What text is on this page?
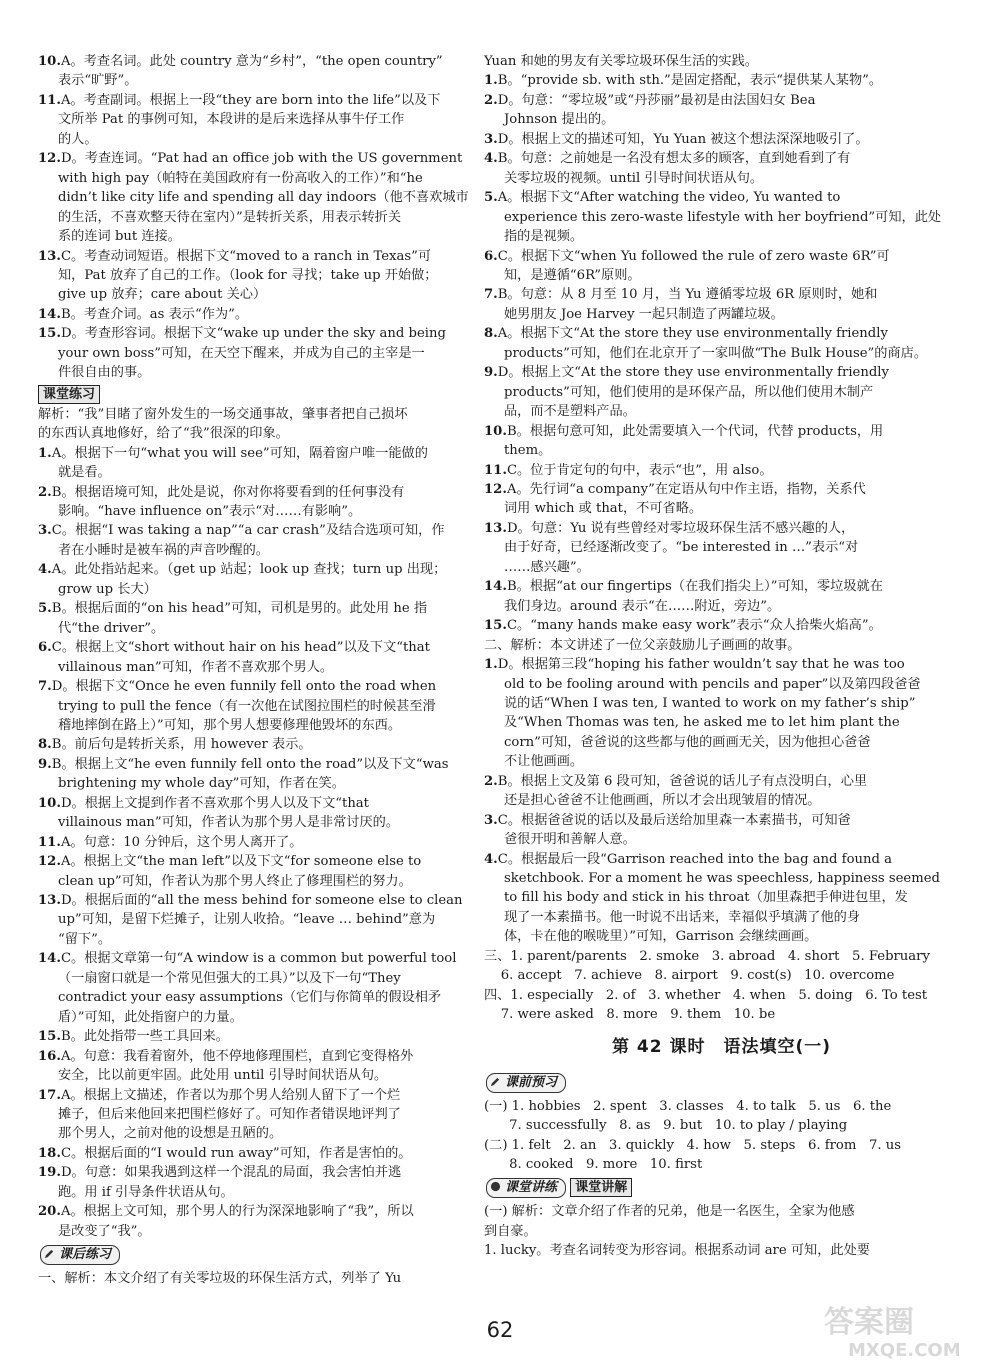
10.A。考查名词。此处 country 意为“乡村”，“the open country”

表示“旷野”。

11.A。考查副词。根据上一段“they are born into the life”以及下

文所举 Pat 的事例可知，本段讲的是后来选择从事牛仔工作

的人。

12.D。考查连词。“Pat had an office job with the US government

with high pay（帕特在美国政府有一份高收入的工作）”和“he

didn’t like city life and spending all day indoors（他不喜欢城市

的生活，不喜欢整天待在室内）”是转折关系，用表示转折关

系的连词 but 连接。

13.C。考查动词短语。根据下文“moved to a ranch in Texas”可

知，Pat 放弃了自己的工作。（look for 寻找；take up 开始做；

give up 放弃；care about 关心）

14.B。考查介词。as 表示“作为”。

15.D。考查形容词。根据下文“wake up under the sky and being

your own boss”可知，在天空下醒来，并成为自己的主宰是一

件很自由的事。

课堂练习

解析：“我”目睹了窗外发生的一场交通事故，肇事者把自己损坏

的东西认真地修好，给了“我”很深的印象。

1.A。根据下一句“what you will see”可知，隔着窗户唯一能做的

就是看。

2.B。根据语境可知，此处是说，你对你将要看到的任何事没有

影响。“have influence on”表示“对……有影响”。

3.C。根据“I was taking a nap”“a car crash”及结合选项可知，作

者在小睡时是被车祸的声音吵醒的。

4.A。此处指站起来。（get up 站起；look up 查找；turn up 出现；

grow up 长大）

5.B。根据后面的“on his head”可知，司机是男的。此处用 he 指

代“the driver”。

6.C。根据上文“short without hair on his head”以及下文“that

villainous man”可知，作者不喜欢那个男人。

7.D。根据下文“Once he even funnily fell onto the road when

trying to pull the fence（有一次他在试图拉围栏的时候甚至滑

稽地摔倒在路上）”可知，那个男人想要修理他毁坏的东西。

8.B。前后句是转折关系，用 however 表示。

9.B。根据上文“he even funnily fell onto the road”以及下文“was

brightening my whole day”可知，作者在笑。

10.D。根据上文提到作者不喜欢那个男人以及下文“that

villainous man”可知，作者认为那个男人是非常讨厌的。

11.A。句意：10 分钟后，这个男人离开了。

12.A。根据上文“the man left”以及下文“for someone else to

clean up”可知，作者认为那个男人终止了修理围栏的努力。

13.D。根据后面的“all the mess behind for someone else to clean

up”可知，是留下烂摊子，让别人收拾。“leave … behind”意为

“留下”。

14.C。根据文章第一句“A window is a common but powerful tool

（一扇窗口就是一个常见但强大的工具）”以及下一句“They

contradict your easy assumptions（它们与你简单的假设相矛

盾）”可知，此处指窗户的力量。

15.B。此处指带一些工具回来。

16.A。句意：我看着窗外，他不停地修理围栏，直到它变得格外

安全，比以前更牢固。此处用 until 引导时间状语从句。

17.A。根据上文描述，作者以为那个男人给别人留下了一个烂

摊子，但后来他回来把围栏修好了。可知作者错误地评判了

那个男人，之前对他的设想是丑陋的。

18.C。根据后面的“I would run away”可知，作者是害怕的。

19.D。句意：如果我遇到这样一个混乱的局面，我会害怕并逃

跑。用 if 引导条件状语从句。

20.A。根据上文可知，那个男人的行为深深地影响了“我”，所以

是改变了“我”。

课后练习

一、解析：本文介绍了有关零垃圾的环保生活方式，列举了 Yu

Yuan 和她的男友有关零垃圾环保生活的实践。

1.B。“provide sb. with sth.”是固定搭配，表示“提供某人某物”。

2.D。句意：“零垃圾”或“丹莎丽”最初是由法国妇女 Bea

Johnson 提出的。

3.D。根据上文的描述可知，Yu Yuan 被这个想法深深地吸引了。

4.B。句意：之前她是一名没有想太多的顾客，直到她看到了有

关零垃圾的视频。until 引导时间状语从句。

5.A。根据下文“After watching the video, Yu wanted to

experience this zero-waste lifestyle with her boyfriend”可知，此处

指的是视频。

6.C。根据下文“when Yu followed the rule of zero waste 6R”可

知，是遵循“6R”原则。

7.B。句意：从 8 月至 10 月，当 Yu 遵循零垃圾 6R 原则时，她和

她男朋友 Joe Harvey 一起只制造了两罐垃圾。

8.A。根据下文“At the store they use environmentally friendly

products”可知，他们在北京开了一家叫做“The Bulk House”的商店。

9.D。根据上文“At the store they use environmentally friendly

products”可知，他们使用的是环保产品，所以他们使用木制产

品，而不是塑料产品。

10.B。根据句意可知，此处需要填入一个代词，代替 products，用

them。

11.C。位于肯定句的句中，表示“也”，用 also。

12.A。先行词“a company”在定语从句中作主语，指物，关系代

词用 which 或 that，不可省略。

13.D。句意：Yu 说有些曾经对零垃圾环保生活不感兴趣的人，

由于好奇，已经逐渐改变了。“be interested in …”表示“对

……感兴趣”。

14.B。根据“at our fingertips（在我们指尖上）”可知，零垃圾就在

我们身边。around 表示“在……附近，旁边”。

15.C。“many hands make easy work”表示“众人拾柴火焰高”。

二、解析：本文讲述了一位父亲鼓励儿子画画的故事。

1.D。根据第三段“hoping his father wouldn’t say that he was too

old to be fooling around with pencils and paper”以及第四段爸爸

说的话“When I was ten, I wanted to work on my father’s ship”

及“When Thomas was ten, he asked me to let him plant the

corn”可知，爸爸说的这些都与他的画画无关，因为他担心爸爸

不让他画画。

2.B。根据上文及第 6 段可知，爸爸说的话儿子有点没明白，心里

还是担心爸爸不让他画画，所以才会出现皱眉的情况。

3.C。根据爸爸说的话以及最后送给加里森一本素描书，可知爸

爸很开明和善解人意。

4.C。根据最后一段“Garrison reached into the bag and found a

sketchbook. For a moment he was speechless, happiness seemed

to fill his body and stick in his throat（加里森把手伸进包里，发

现了一本素描书。他一时说不出话来，幸福似乎填满了他的身

体，卡在他的喉咙里）”可知，Garrison 会继续画画。

三、1. parent/parents   2. smoke   3. abroad   4. short   5. February

6. accept   7. achieve   8. airport   9. cost(s)   10. overcome

四、1. especially   2. of   3. whether   4. when   5. doing   6. To test

7. were asked   8. more   9. them   10. be

第 42 课时　语法填空(一)
课前预习

(一) 1. hobbies   2. spent   3. classes   4. to talk   5. us   6. the

7. successfully   8. as   9. but   10. to play / playing

(二) 1. felt   2. an   3. quickly   4. how   5. steps   6. from   7. us

8. cooked   9. more   10. first

课堂讲练 课堂讲解

(一) 解析：文章介绍了作者的兄弟，他是一名医生，全家为他感

到自豪。

1. lucky。考查名词转变为形容词。根据系动词 are 可知，此处要

62	答案圈
MXQE.COM
